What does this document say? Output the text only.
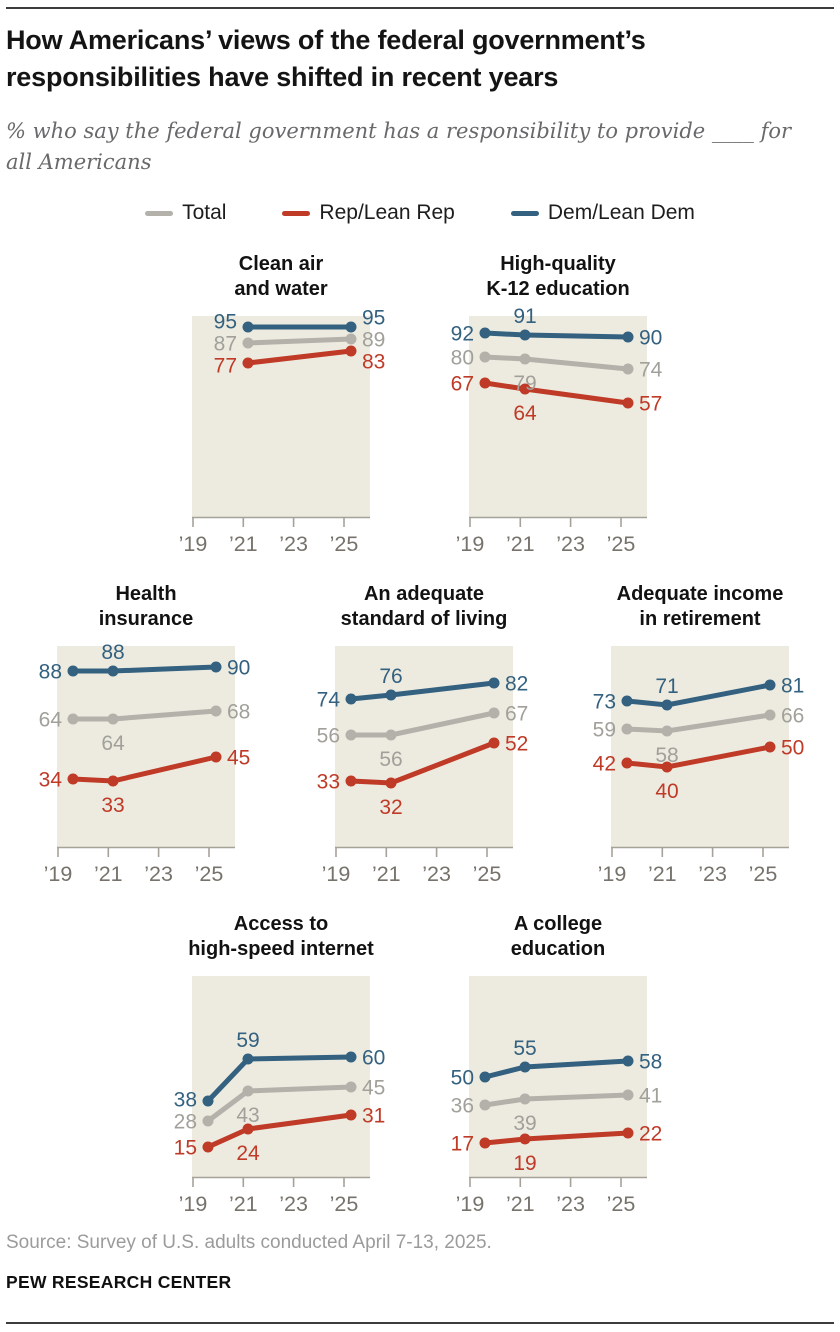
How Americans’ views of the federal government’s responsibilities have shifted in recent years
% who say the federal government has a responsibility to provide ____ for all Americans
Total	Rep/Lean Rep	Dem/Lean Dem
Clean air
and water
’19 ’21 ’23 ’25
95
87
77
95
89
83
High-quality
K-12 education
’19 ’21 ’23 ’25
92
80
67
90
74
57
79
64
91
Health
insurance
’19 ’21 ’23 ’25
88
64
34
90
68
45
64
33
88
An adequate
standard of living
’19 ’21 ’23 ’25
74
56
33
82
67
52
56
32
76
Adequate income
in retirement
’19 ’21 ’23 ’25
73
59
42
81
66
50
58
40
71
Access to
high-speed internet
’19 ’21 ’23 ’25
38
28
15
60
45
31
43
24
59
A college
education
’19 ’21 ’23 ’25
50
36
17
58
41
22
39
19
55
Source: Survey of U.S. adults conducted April 7-13, 2025.
PEW RESEARCH CENTER
